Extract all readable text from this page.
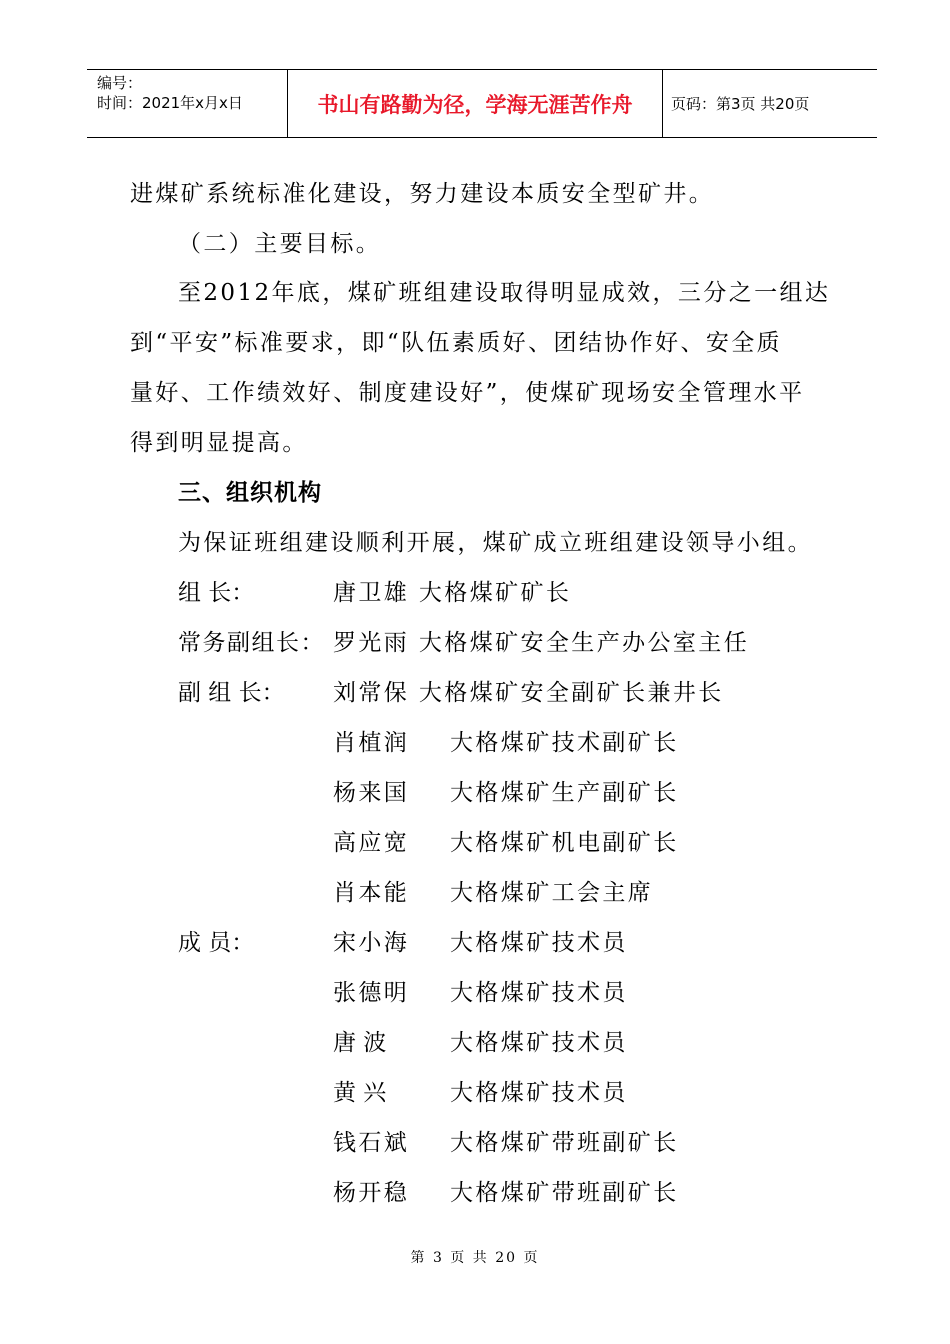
编号：
时间：2021年x月x日	书山有路勤为径，学海无涯苦作舟	页码：第3页 共20页
进煤矿系统标准化建设，努力建设本质安全型矿井。
（二）主要目标。
至2012年底，煤矿班组建设取得明显成效，三分之一组达
到“平安”标准要求，即“队伍素质好、团结协作好、安全质
量好、工作绩效好、制度建设好”，使煤矿现场安全管理水平
得到明显提高。
三、组织机构
为保证班组建设顺利开展，煤矿成立班组建设领导小组。
组 长：	唐卫雄 大格煤矿矿长
常务副组长： 罗光雨 大格煤矿安全生产办公室主任
副 组 长： 刘常保 大格煤矿安全副矿长兼井长
肖植润 大格煤矿技术副矿长
杨来国 大格煤矿生产副矿长
高应宽 大格煤矿机电副矿长
肖本能 大格煤矿工会主席
成 员：	宋小海 大格煤矿技术员
张德明 大格煤矿技术员
唐 波	大格煤矿技术员
黄 兴	大格煤矿技术员
钱石斌 大格煤矿带班副矿长
杨开稳 大格煤矿带班副矿长
第 3 页 共 20 页
